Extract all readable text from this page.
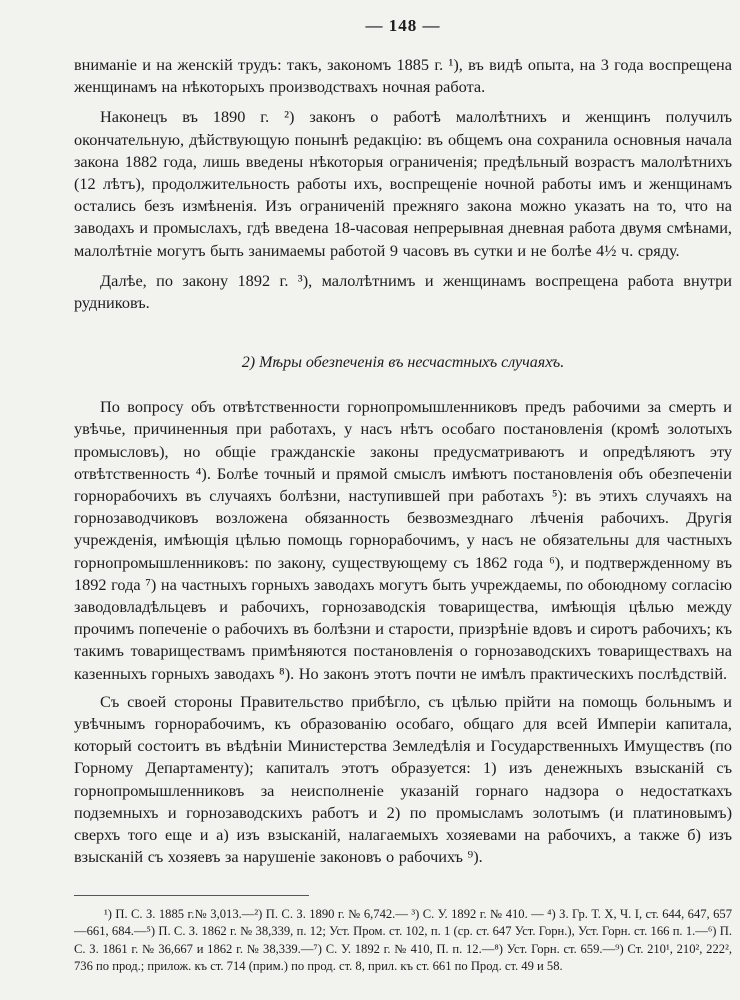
— 148 —

вниманіе и на женскій трудъ: такъ, закономъ 1885 г. ¹), въ видѣ опыта, на 3 года воспрещена женщинамъ на нѣкоторыхъ производствахъ ночная работа.

Наконецъ въ 1890 г. ²) законъ о работѣ малолѣтнихъ и женщинъ получилъ окончательную, дѣйствующую понынѣ редакцію: въ общемъ она сохранила основныя начала закона 1882 года, лишь введены нѣкоторыя ограниченія; предѣльный возрастъ малолѣтнихъ (12 лѣтъ), продолжительность работы ихъ, воспрещеніе ночной работы имъ и женщинамъ остались безъ измѣненія. Изъ ограниченій прежняго закона можно указать на то, что на заводахъ и промыслахъ, гдѣ введена 18-часовая непрерывная дневная работа двумя смѣнами, малолѣтніе могутъ быть занимаемы работой 9 часовъ въ сутки и не болѣе 4½ ч. сряду.

Далѣе, по закону 1892 г. ³), малолѣтнимъ и женщинамъ воспрещена работа внутри рудниковъ.

2) Мѣры обезпеченія въ несчастныхъ случаяхъ.

По вопросу объ отвѣтственности горнопромышленниковъ предъ рабочими за смерть и увѣчье, причиненныя при работахъ, у насъ нѣтъ особаго постановленія (кромѣ золотыхъ промысловъ), но общіе гражданскіе законы предусматриваютъ и опредѣляютъ эту отвѣтственность ⁴). Болѣе точный и прямой смыслъ имѣютъ постановленія объ обезпеченіи горнорабочихъ въ случаяхъ болѣзни, наступившей при работахъ ⁵): въ этихъ случаяхъ на горнозаводчиковъ возложена обязанность безвозмезднаго лѣченія рабочихъ. Другія учрежденія, имѣющія цѣлью помощь горнорабочимъ, у насъ не обязательны для частныхъ горнопромышленниковъ: по закону, существующему съ 1862 года ⁶), и подтвержденному въ 1892 года ⁷) на частныхъ горныхъ заводахъ могутъ быть учреждаемы, по обоюдному согласію заводовладѣльцевъ и рабочихъ, горнозаводскія товарищества, имѣющія цѣлью между прочимъ попеченіе о рабочихъ въ болѣзни и старости, призрѣніе вдовъ и сиротъ рабочихъ; къ такимъ товариществамъ примѣняются постановленія о горнозаводскихъ товариществахъ на казенныхъ горныхъ заводахъ ⁸). Но законъ этотъ почти не имѣлъ практическихъ послѣдствій.

Съ своей стороны Правительство прибѣгло, съ цѣлью прійти на помощь больнымъ и увѣчнымъ горнорабочимъ, къ образованію особаго, общаго для всей Имперіи капитала, который состоитъ въ вѣдѣніи Министерства Земледѣлія и Государственныхъ Имуществъ (по Горному Департаменту); капиталъ этотъ образуется: 1) изъ денежныхъ взысканій съ горнопромышленниковъ за неисполненіе указаній горнаго надзора о недостаткахъ подземныхъ и горнозаводскихъ работъ и 2) по промысламъ золотымъ (и платиновымъ) сверхъ того еще и а) изъ взысканій, налагаемыхъ хозяевами на рабочихъ, а также б) изъ взысканій съ хозяевъ за нарушеніе законовъ о рабочихъ ⁹).

¹) П. С. З. 1885 г.№ 3,013.—²) П. С. З. 1890 г. № 6,742.— ³) С. У. 1892 г. № 410. — ⁴) З. Гр. Т. X, Ч. I, ст. 644, 647, 657—661, 684.—⁵) П. С. З. 1862 г. № 38,339, п. 12; Уст. Пром. ст. 102, п. 1 (ср. ст. 647 Уст. Горн.), Уст. Горн. ст. 166 п. 1.—⁶) П. С. З. 1861 г. № 36,667 и 1862 г. № 38,339.—⁷) С. У. 1892 г. № 410, П. п. 12.—⁸) Уст. Горн. ст. 659.—⁹) Ст. 210¹, 210², 222², 736 по прод.; прилож. къ ст. 714 (прим.) по прод. ст. 8, прил. къ ст. 661 по Прод. ст. 49 и 58.
